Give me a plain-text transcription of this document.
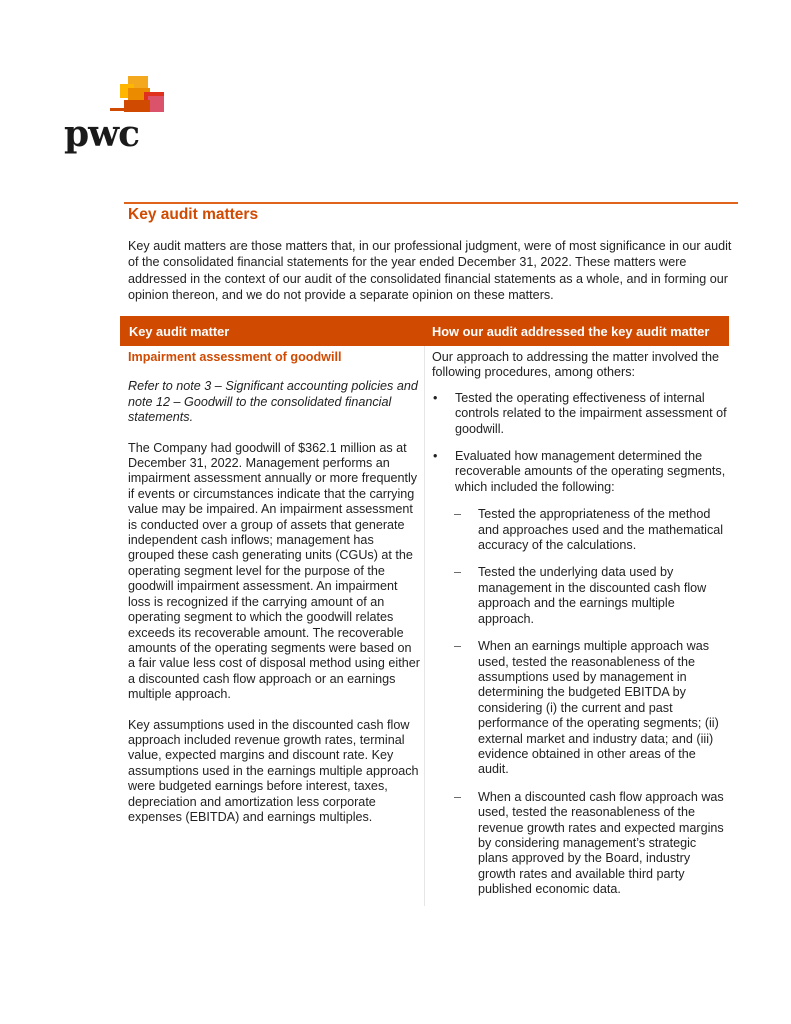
pwc
Key audit matters
Key audit matters are those matters that, in our professional judgment, were of most significance in our audit of the consolidated financial statements for the year ended December 31, 2022. These matters were addressed in the context of our audit of the consolidated financial statements as a whole, and in forming our opinion thereon, and we do not provide a separate opinion on these matters.
Key audit matter	How our audit addressed the key audit matter

Impairment assessment of goodwill

Refer to note 3 – Significant accounting policies and note 12 – Goodwill to the consolidated financial statements.

The Company had goodwill of $362.1 million as at December 31, 2022. Management performs an impairment assessment annually or more frequently if events or circumstances indicate that the carrying value may be impaired. An impairment assessment is conducted over a group of assets that generate independent cash inflows; management has grouped these cash generating units (CGUs) at the operating segment level for the purpose of the goodwill impairment assessment. An impairment loss is recognized if the carrying amount of an operating segment to which the goodwill relates exceeds its recoverable amount. The recoverable amounts of the operating segments were based on a fair value less cost of disposal method using either a discounted cash flow approach or an earnings multiple approach.

Key assumptions used in the discounted cash flow approach included revenue growth rates, terminal value, expected margins and discount rate. Key assumptions used in the earnings multiple approach were budgeted earnings before interest, taxes, depreciation and amortization less corporate expenses (EBITDA) and earnings multiples.

Our approach to addressing the matter involved the following procedures, among others:

• Tested the operating effectiveness of internal controls related to the impairment assessment of goodwill.
• Evaluated how management determined the recoverable amounts of the operating segments, which included the following:
– Tested the appropriateness of the method and approaches used and the mathematical accuracy of the calculations.
– Tested the underlying data used by management in the discounted cash flow approach and the earnings multiple approach.
– When an earnings multiple approach was used, tested the reasonableness of the assumptions used by management in determining the budgeted EBITDA by considering (i) the current and past performance of the operating segments; (ii) external market and industry data; and (iii) evidence obtained in other areas of the audit.
– When a discounted cash flow approach was used, tested the reasonableness of the revenue growth rates and expected margins by considering management’s strategic plans approved by the Board, industry growth rates and available third party published economic data.
